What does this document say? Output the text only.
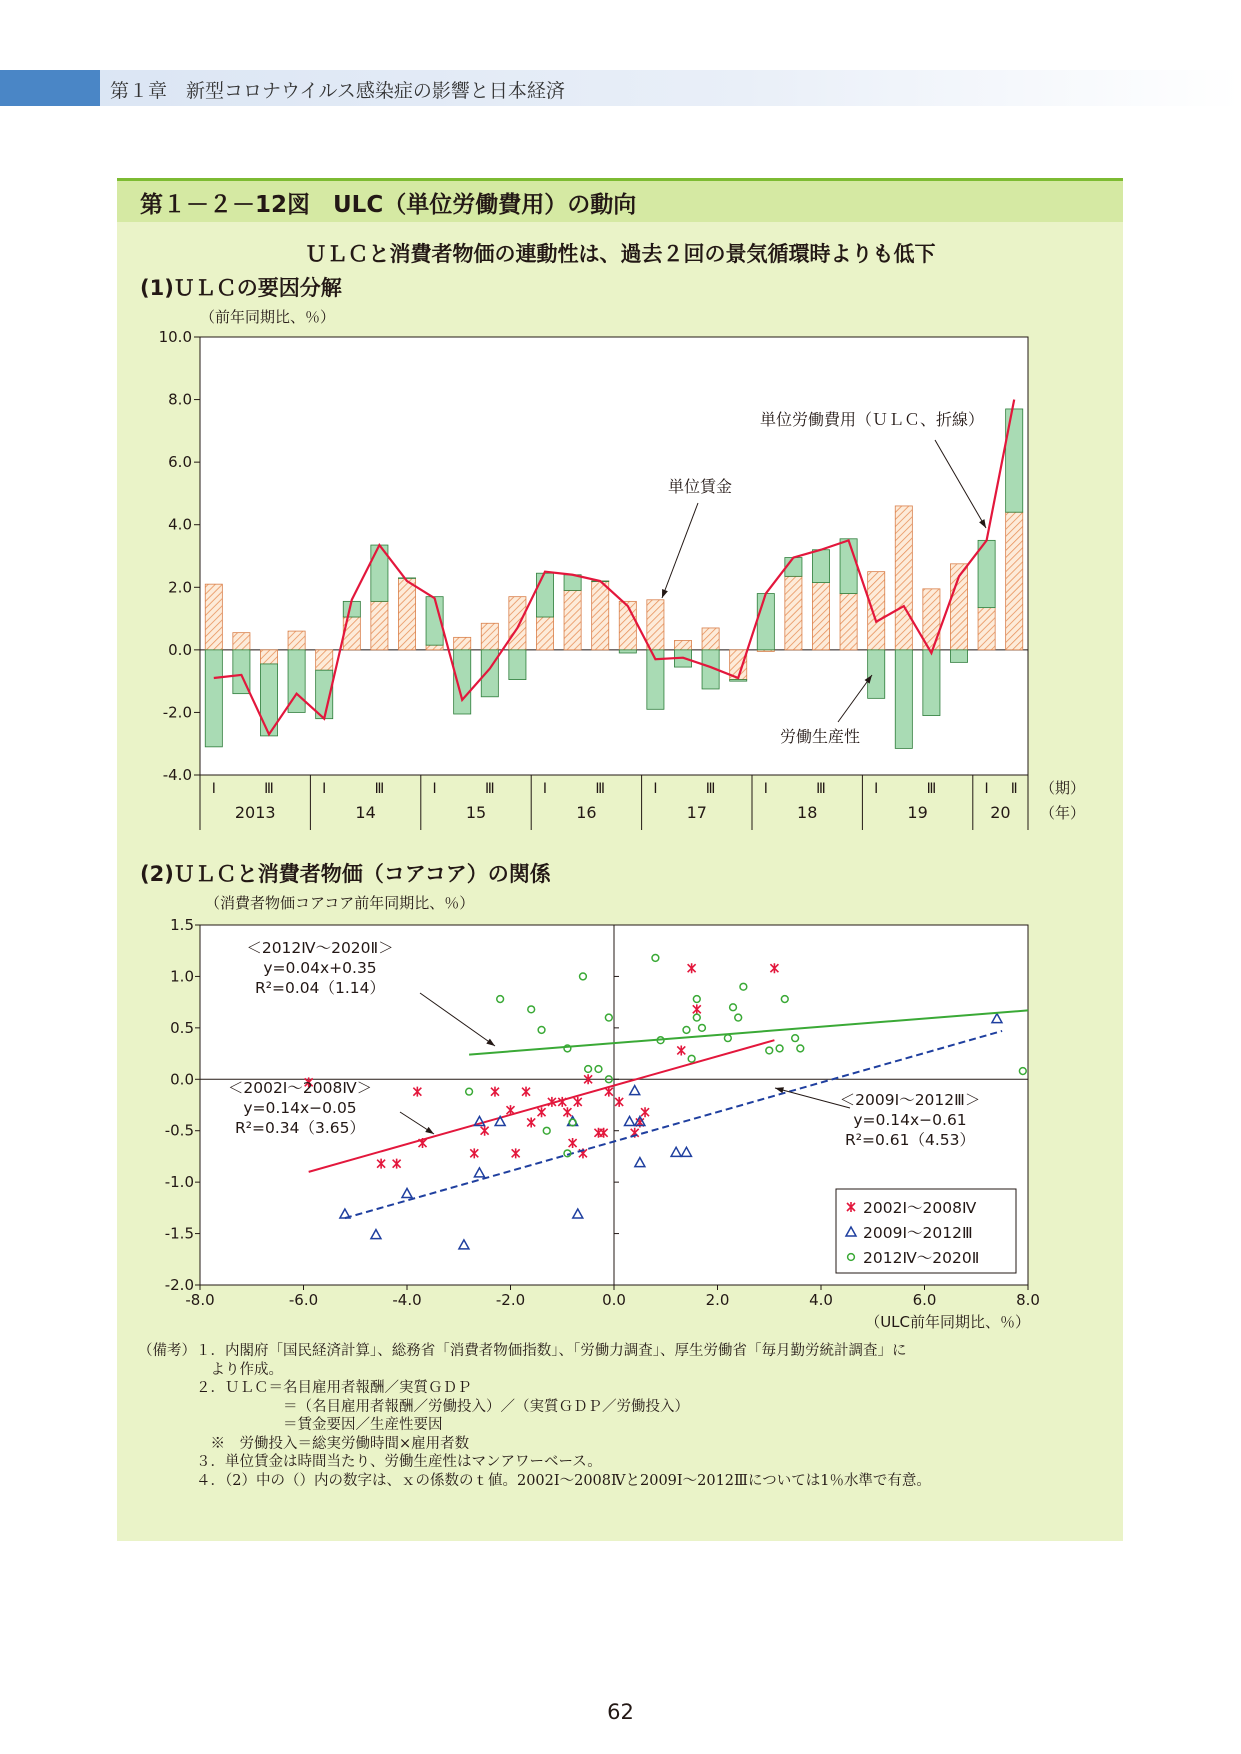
第１章　新型コロナウイルス感染症の影響と日本経済
第１－２－12図　ULC（単位労働費用）の動向
ＵＬＣと消費者物価の連動性は、過去２回の景気循環時よりも低下
(1)ＵＬＣの要因分解
(2)ＵＬＣと消費者物価（コアコア）の関係
（前年同期比、％）
10.0
8.0
6.0
4.0
2.0
0.0
-2.0
-4.0
Ⅰ	Ⅲ
2013
Ⅰ	Ⅲ
14
Ⅰ	Ⅲ
15
Ⅰ	Ⅲ
16
Ⅰ	Ⅲ
17
Ⅰ	Ⅲ
18
Ⅰ	Ⅲ
19
Ⅰ Ⅱ
20
（期）
（年）
単位労働費用（ＵＬＣ、折線）
単位賃金
労働生産性
（消費者物価コアコア前年同期比、％）
（ULC前年同期比、％）
-8.0	-6.0	-4.0	-2.0	0.0	2.0	4.0	6.0	8.0
1.5
1.0
0.5
0.0
-0.5
-1.0
-1.5
-2.0
＜2002Ⅰ～2008Ⅳ＞
y=0.14x−0.05
R²=0.34（3.65）
＜2009Ⅰ～2012Ⅲ＞
y=0.14x−0.61
R²=0.61（4.53）
＜2012Ⅳ～2020Ⅱ＞
y=0.04x+0.35
R²=0.04（1.14）
2002Ⅰ～2008Ⅳ
2009Ⅰ～2012Ⅲ
2012Ⅳ～2020Ⅱ
（備考）１．内閣府「国民経済計算」、総務省「消費者物価指数」、「労働力調査」、厚生労働省「毎月勤労統計調査」に
　　　　　より作成。
　　　　２．ＵＬＣ＝名目雇用者報酬／実質ＧＤＰ
　　　　　　　　　　＝（名目雇用者報酬／労働投入）／（実質ＧＤＰ／労働投入）
　　　　　　　　　　＝賃金要因／生産性要因
　　　　　※　労働投入＝総実労働時間×雇用者数
　　　　３．単位賃金は時間当たり、労働生産性はマンアワーベース。
　　　　４．（2）中の（）内の数字は、ｘの係数のｔ値。2002Ⅰ～2008Ⅳと2009Ⅰ～2012Ⅲについては1％水準で有意。
62
